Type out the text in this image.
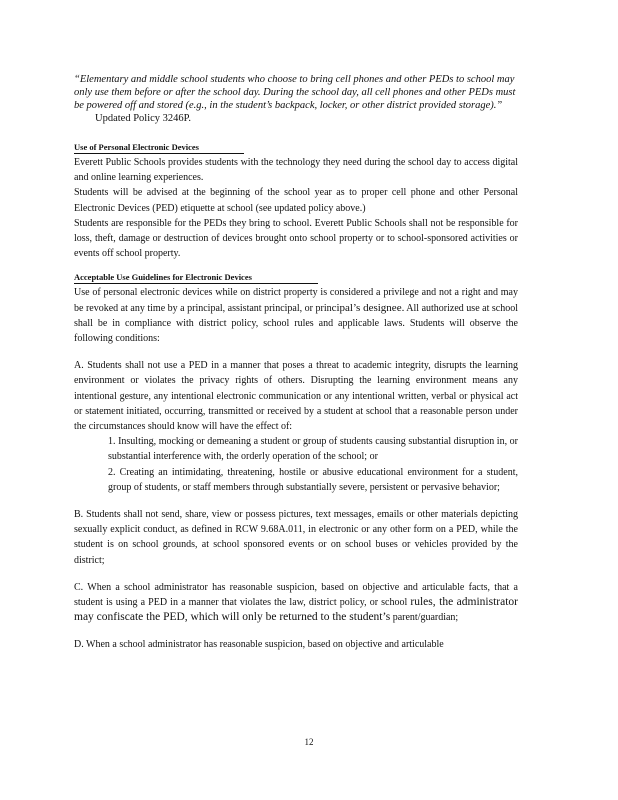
“Elementary and middle school students who choose to bring cell phones and other PEDs to school may only use them before or after the school day. During the school day, all cell phones and other PEDs must be powered off and stored (e.g., in the student’s backpack, locker, or other district provided storage).”         Updated Policy 3246P.

Use of Personal Electronic Devices

Everett Public Schools provides students with the technology they need during the school day to access digital and online learning experiences.

Students will be advised at the beginning of the school year as to proper cell phone and other Personal Electronic Devices (PED) etiquette at school (see updated policy above.)

Students are responsible for the PEDs they bring to school. Everett Public Schools shall not be responsible for loss, theft, damage or destruction of devices brought onto school property or to school-sponsored activities or events off school property.

Acceptable Use Guidelines for Electronic Devices

Use of personal electronic devices while on district property is considered a privilege and not a right and may be revoked at any time by a principal, assistant principal, or principal’s designee. All authorized use at school shall be in compliance with district policy, school rules and applicable laws. Students will observe the following conditions:

A. Students shall not use a PED in a manner that poses a threat to academic integrity, disrupts the learning environment or violates the privacy rights of others. Disrupting the learning environment means any intentional gesture, any intentional electronic communication or any intentional written, verbal or physical act or statement initiated, occurring, transmitted or received by a student at school that a reasonable person under the circumstances should know will have the effect of:

1. Insulting, mocking or demeaning a student or group of students causing substantial disruption in, or substantial interference with, the orderly operation of the school; or

2. Creating an intimidating, threatening, hostile or abusive educational environment for a student, group of students, or staff members through substantially severe, persistent or pervasive behavior;

B. Students shall not send, share, view or possess pictures, text messages, emails or other materials depicting sexually explicit conduct, as defined in RCW 9.68A.011, in electronic or any other form on a PED, while the student is on school grounds, at school sponsored events or on school buses or vehicles provided by the district;

C. When a school administrator has reasonable suspicion, based on objective and articulable facts, that a student is using a PED in a manner that violates the law, district policy, or school rules, the administrator may confiscate the PED, which will only be returned to the student’s parent/guardian;

D. When a school administrator has reasonable suspicion, based on objective and articulable

12
